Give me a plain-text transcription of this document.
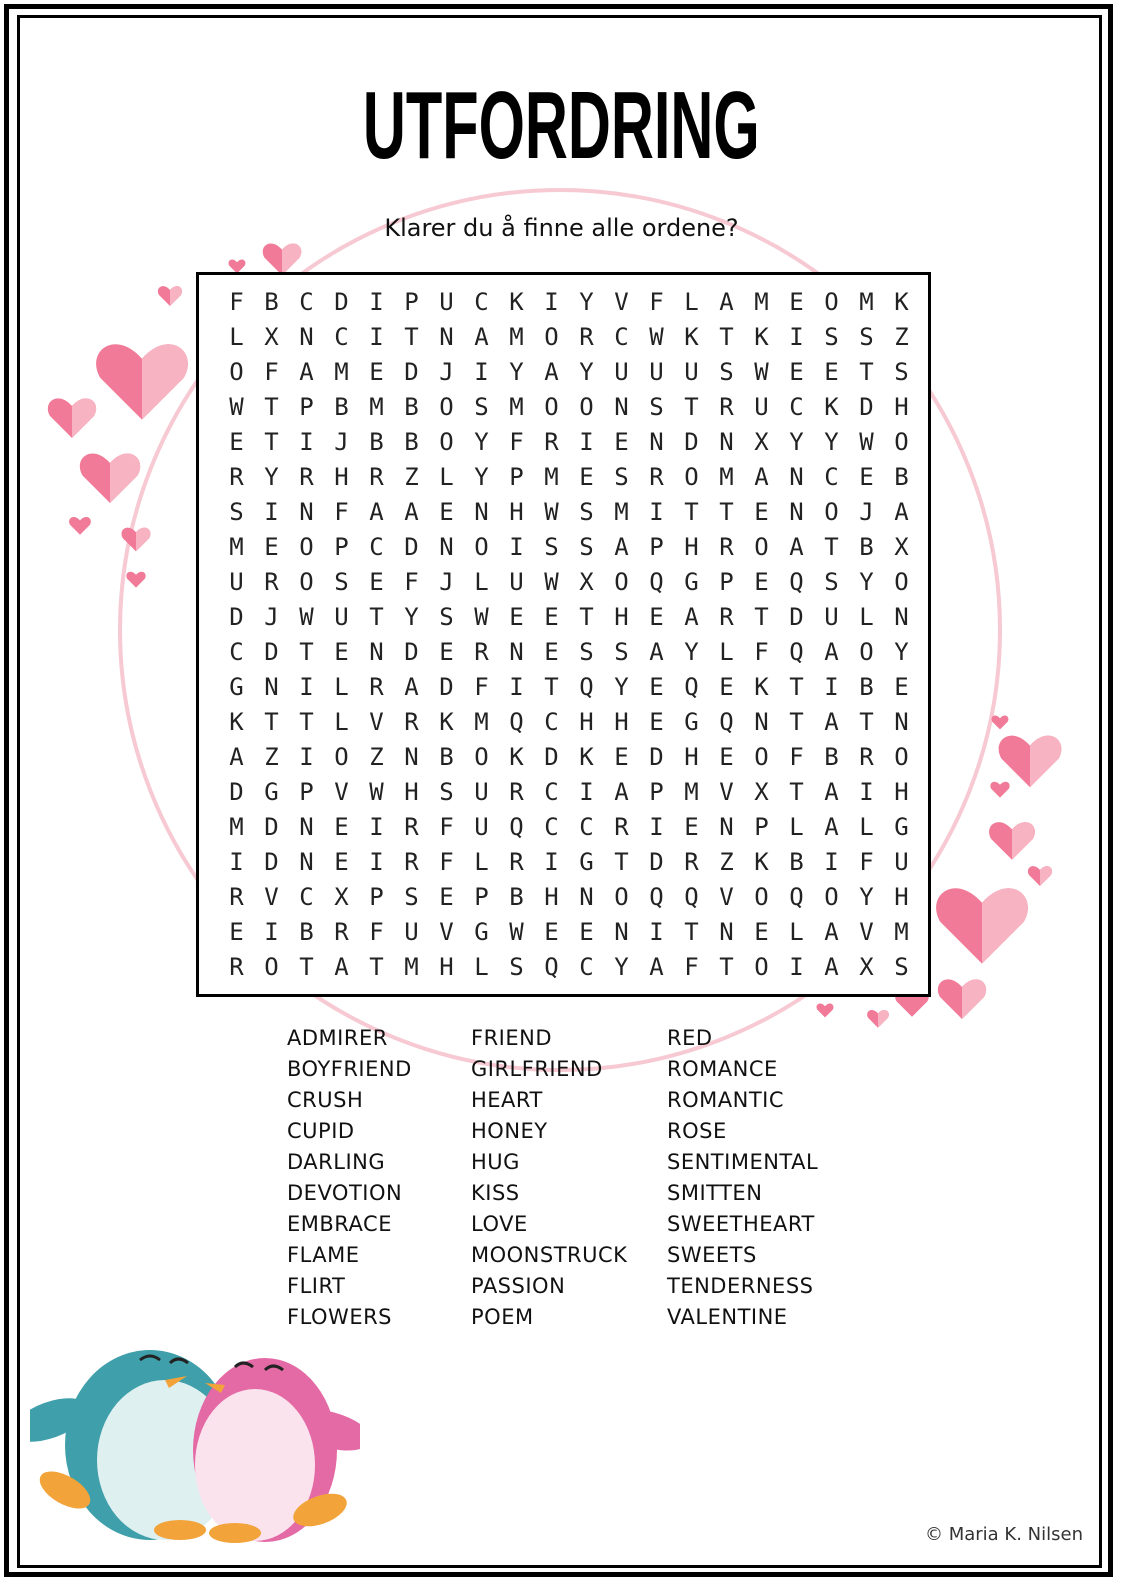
UTFORDRING
Klarer du å finne alle ordene?
F B C D I P U C K I Y V F L A M E O M K
L X N C I T N A M O R C W K T K I S S Z
O F A M E D J I Y A Y U U U S W E E T S
W T P B M B O S M O O N S T R U C K D H
E T I J B B O Y F R I E N D N X Y Y W O
R Y R H R Z L Y P M E S R O M A N C E B
S I N F A A E N H W S M I T T E N O J A
M E O P C D N O I S S A P H R O A T B X
U R O S E F J L U W X O Q G P E Q S Y O
D J W U T Y S W E E T H E A R T D U L N
C D T E N D E R N E S S A Y L F Q A O Y
G N I L R A D F I T Q Y E Q E K T I B E
K T T L V R K M Q C H H E G Q N T A T N
A Z I O Z N B O K D K E D H E O F B R O
D G P V W H S U R C I A P M V X T A I H
M D N E I R F U Q C C R I E N P L A L G
I D N E I R F L R I G T D R Z K B I F U
R V C X P S E P B H N O Q Q V O Q O Y H
E I B R F U V G W E E N I T N E L A V M
R O T A T M H L S Q C Y A F T O I A X S
ADMIRER
BOYFRIEND
CRUSH
CUPID
DARLING
DEVOTION
EMBRACE
FLAME
FLIRT
FLOWERS
FRIEND
GIRLFRIEND
HEART
HONEY
HUG
KISS
LOVE
MOONSTRUCK
PASSION
POEM
RED
ROMANCE
ROMANTIC
ROSE
SENTIMENTAL
SMITTEN
SWEETHEART
SWEETS
TENDERNESS
VALENTINE
© Maria K. Nilsen
